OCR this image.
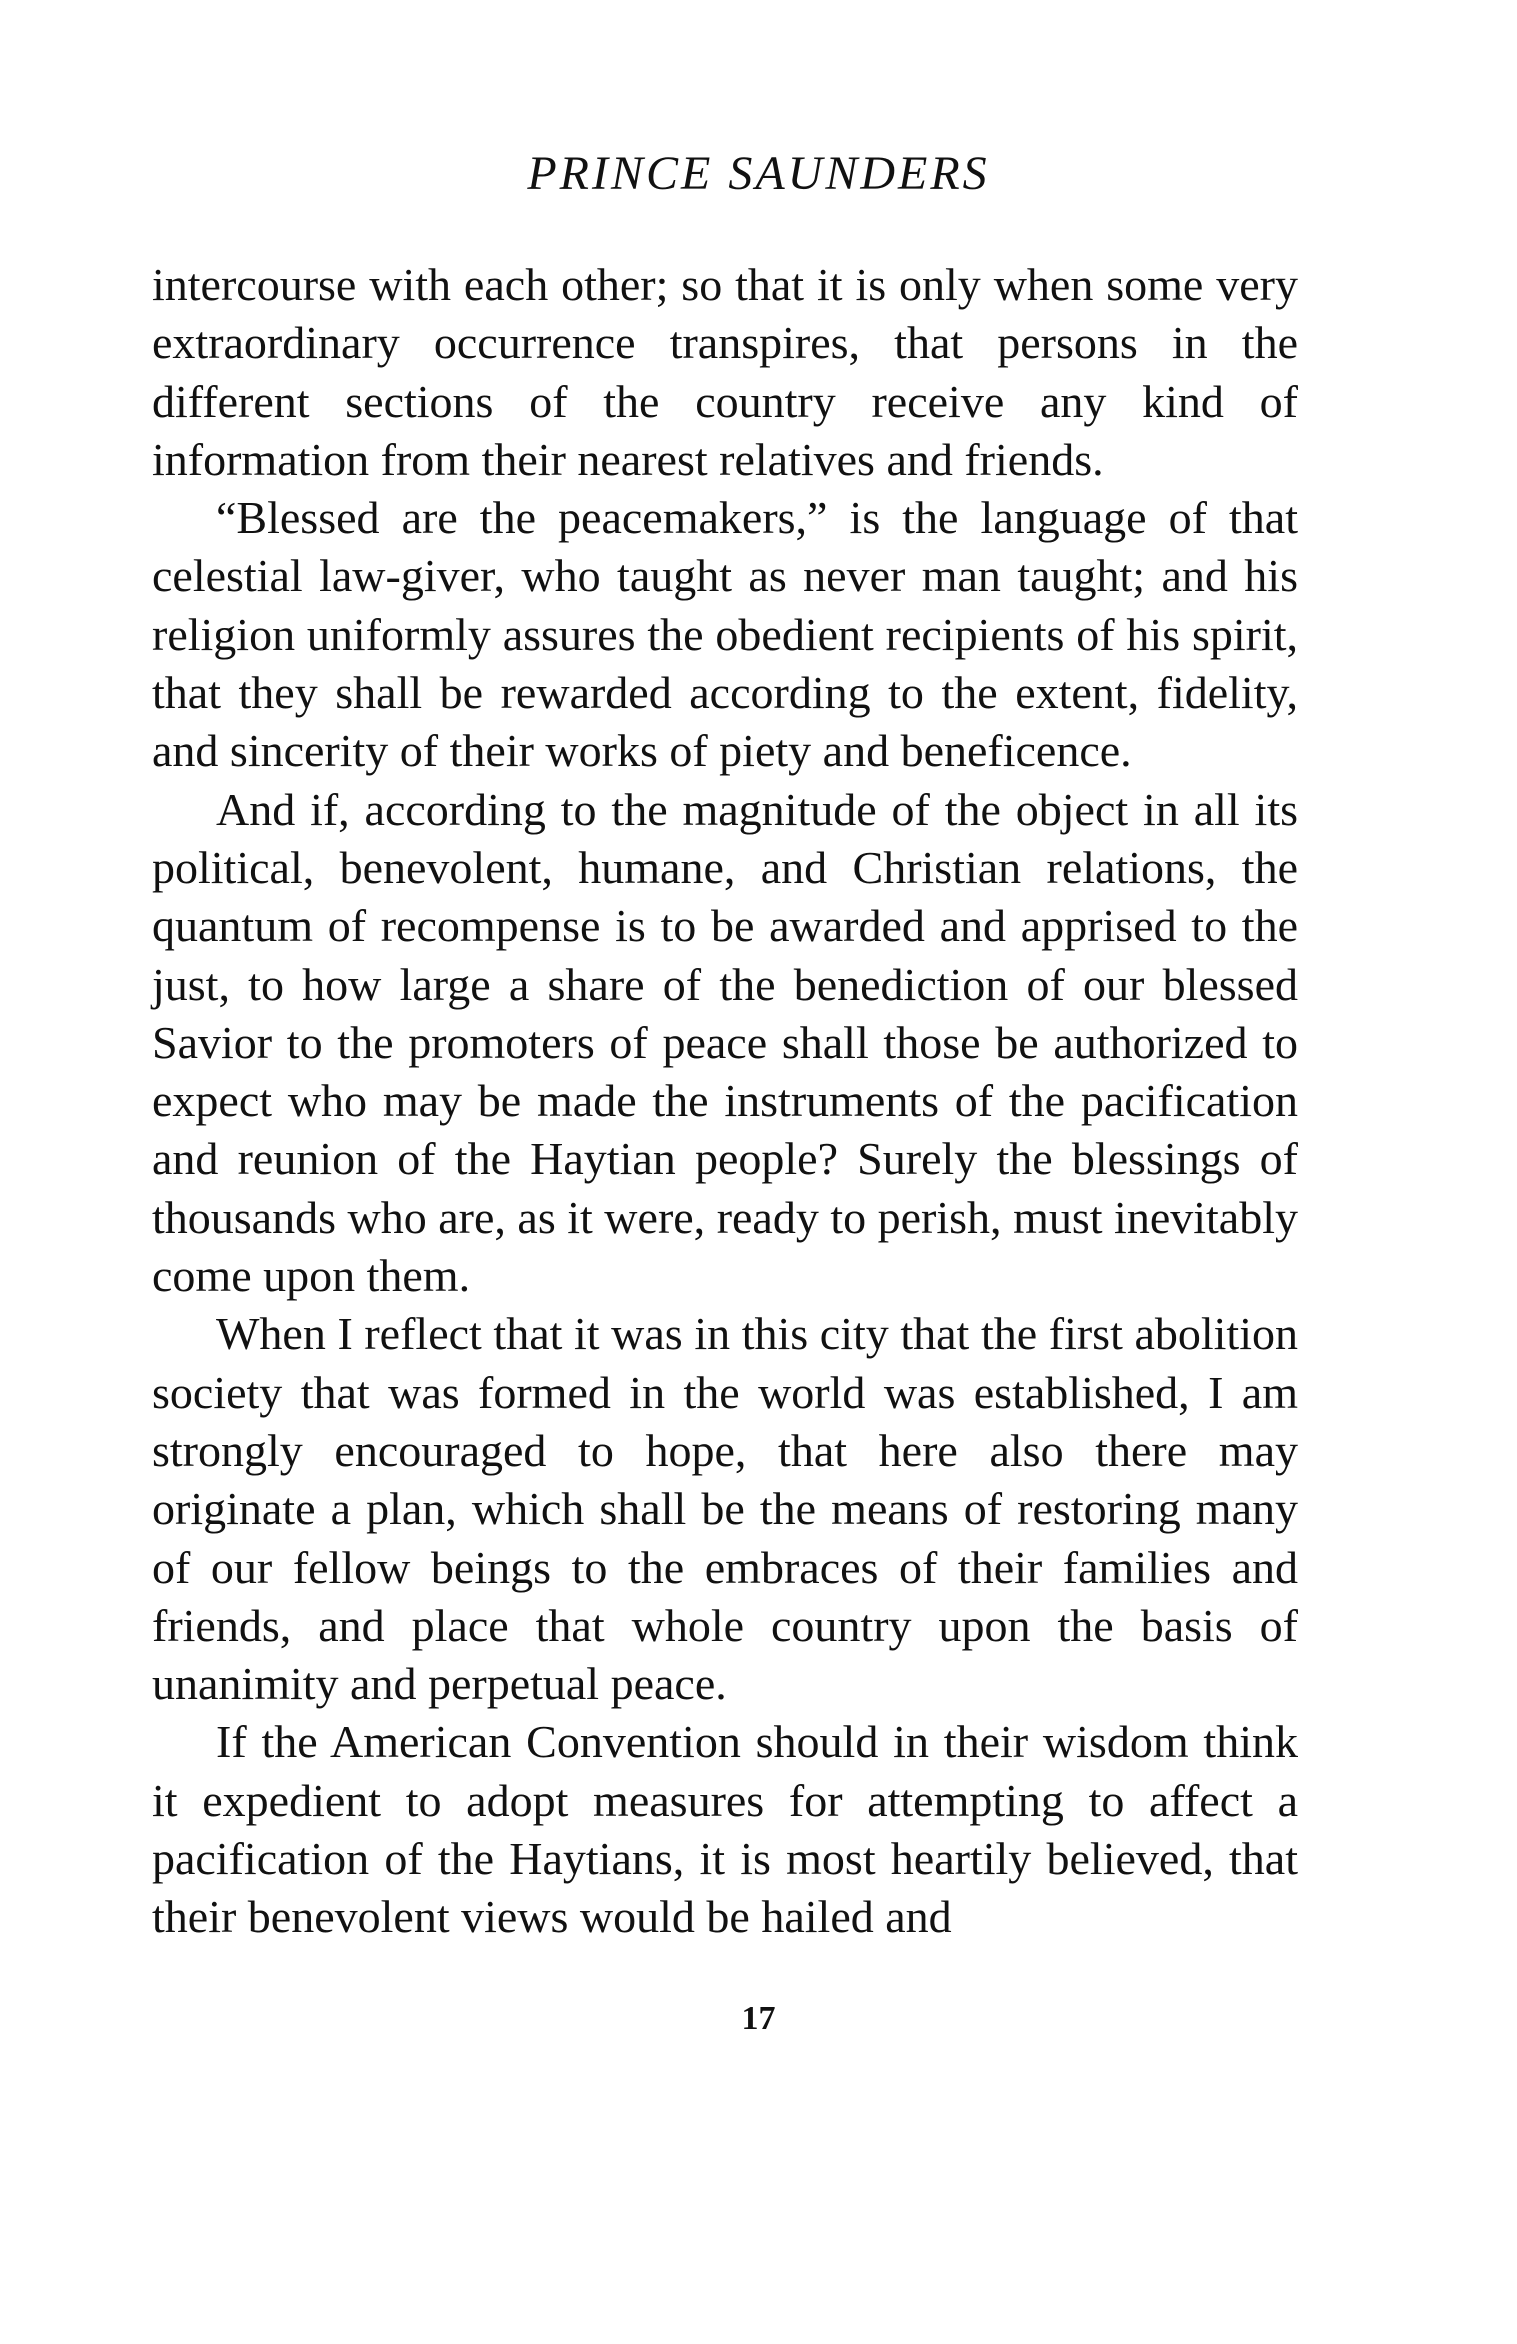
PRINCE SAUNDERS

intercourse with each other; so that it is only when some very extraordinary occurrence transpires, that persons in the different sections of the country receive any kind of information from their nearest relatives and friends.

“Blessed are the peacemakers,” is the language of that celestial law-giver, who taught as never man taught; and his religion uniformly assures the obedient recipients of his spirit, that they shall be rewarded according to the extent, fidelity, and sincerity of their works of piety and beneficence.

And if, according to the magnitude of the object in all its political, benevolent, humane, and Christian relations, the quantum of recompense is to be awarded and apprised to the just, to how large a share of the benediction of our blessed Savior to the promoters of peace shall those be authorized to expect who may be made the instruments of the pacification and reunion of the Haytian people? Surely the blessings of thousands who are, as it were, ready to perish, must inevitably come upon them.

When I reflect that it was in this city that the first abolition society that was formed in the world was established, I am strongly encouraged to hope, that here also there may originate a plan, which shall be the means of restoring many of our fellow beings to the embraces of their families and friends, and place that whole country upon the basis of unanimity and perpetual peace.

If the American Convention should in their wisdom think it expedient to adopt measures for attempting to affect a pacification of the Haytians, it is most heartily believed, that their benevolent views would be hailed and

17
